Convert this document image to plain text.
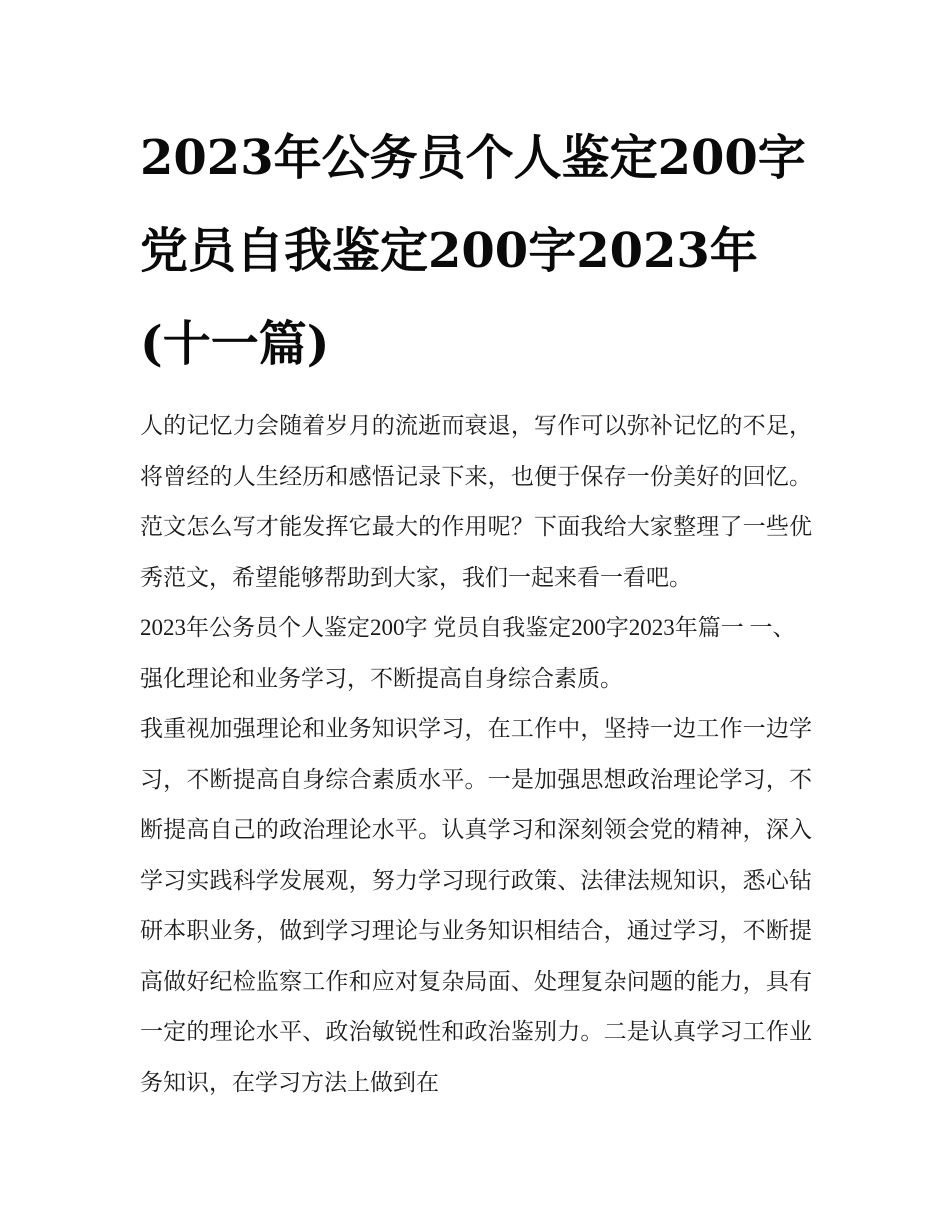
2023年公务员个人鉴定200字 党员自我鉴定200字2023年(十一篇)

人的记忆力会随着岁月的流逝而衰退，写作可以弥补记忆的不足，将曾经的人生经历和感悟记录下来，也便于保存一份美好的回忆。范文怎么写才能发挥它最大的作用呢？下面我给大家整理了一些优秀范文，希望能够帮助到大家，我们一起来看一看吧。

2023年公务员个人鉴定200字 党员自我鉴定200字2023年篇一 一、强化理论和业务学习，不断提高自身综合素质。

我重视加强理论和业务知识学习，在工作中，坚持一边工作一边学习，不断提高自身综合素质水平。一是加强思想政治理论学习，不断提高自己的政治理论水平。认真学习和深刻领会党的精神，深入学习实践科学发展观，努力学习现行政策、法律法规知识，悉心钻研本职业务，做到学习理论与业务知识相结合，通过学习，不断提高做好纪检监察工作和应对复杂局面、处理复杂问题的能力，具有一定的理论水平、政治敏锐性和政治鉴别力。二是认真学习工作业务知识，在学习方法上做到在
